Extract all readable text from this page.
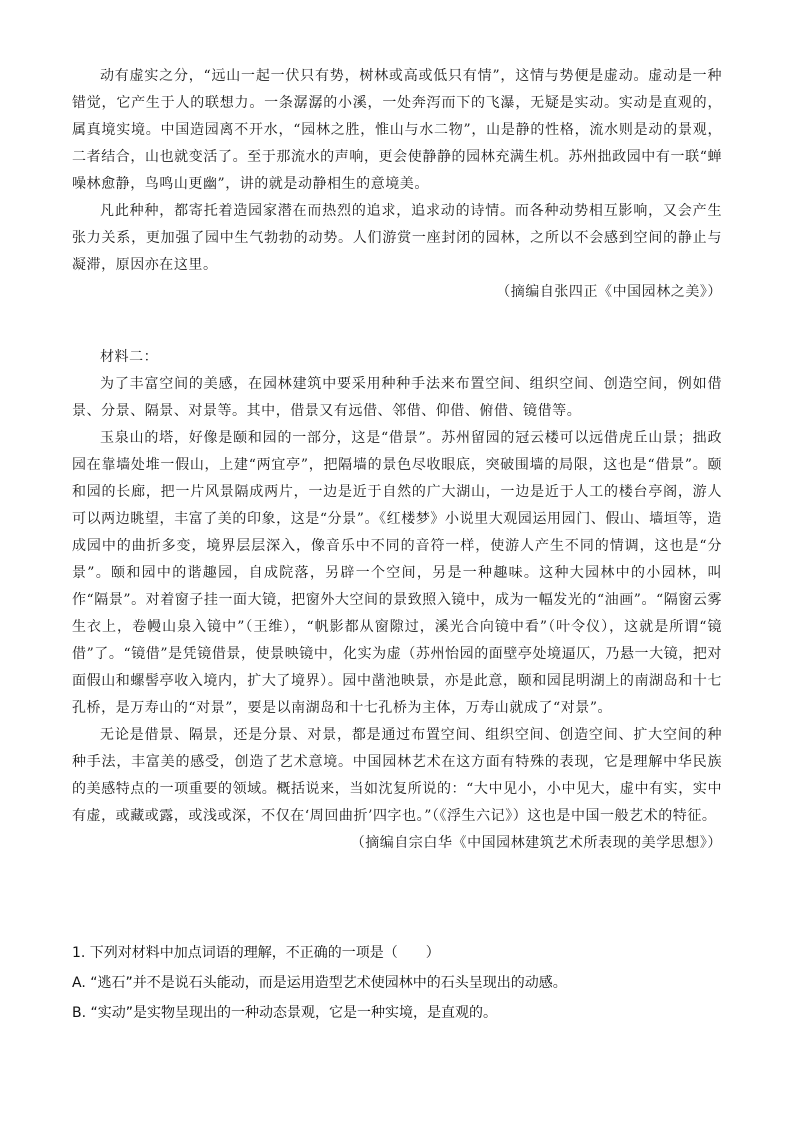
动有虚实之分，“远山一起一伏只有势，树林或高或低只有情”，这情与势便是虚动。虚动是一种错觉，它产生于人的联想力。一条潺潺的小溪，一处奔泻而下的飞瀑，无疑是实动。实动是直观的，属真境实境。中国造园离不开水，“园林之胜，惟山与水二物”，山是静的性格，流水则是动的景观，二者结合，山也就变活了。至于那流水的声响，更会使静静的园林充满生机。苏州拙政园中有一联“蝉噪林愈静，鸟鸣山更幽”，讲的就是动静相生的意境美。

凡此种种，都寄托着造园家潜在而热烈的追求，追求动的诗情。而各种动势相互影响，又会产生张力关系，更加强了园中生气勃勃的动势。人们游赏一座封闭的园林，之所以不会感到空间的静止与凝滞，原因亦在这里。

（摘编自张四正《中国园林之美》）

材料二：

为了丰富空间的美感，在园林建筑中要采用种种手法来布置空间、组织空间、创造空间，例如借景、分景、隔景、对景等。其中，借景又有远借、邻借、仰借、俯借、镜借等。

玉泉山的塔，好像是颐和园的一部分，这是“借景”。苏州留园的冠云楼可以远借虎丘山景；拙政园在靠墙处堆一假山，上建“两宜亭”，把隔墙的景色尽收眼底，突破围墙的局限，这也是“借景”。颐和园的长廊，把一片风景隔成两片，一边是近于自然的广大湖山，一边是近于人工的楼台亭阁，游人可以两边眺望，丰富了美的印象，这是“分景”。《红楼梦》小说里大观园运用园门、假山、墙垣等，造成园中的曲折多变，境界层层深入，像音乐中不同的音符一样，使游人产生不同的情调，这也是“分景”。颐和园中的谐趣园，自成院落，另辟一个空间，另是一种趣味。这种大园林中的小园林，叫作“隔景”。对着窗子挂一面大镜，把窗外大空间的景致照入镜中，成为一幅发光的“油画”。“隔窗云雾生衣上，卷幔山泉入镜中”（王维），“帆影都从窗隙过，溪光合向镜中看”（叶令仪），这就是所谓“镜借”了。“镜借”是凭镜借景，使景映镜中，化实为虚（苏州怡园的面壁亭处境逼仄，乃悬一大镜，把对面假山和螺髻亭收入境内，扩大了境界）。园中凿池映景，亦是此意，颐和园昆明湖上的南湖岛和十七孔桥，是万寿山的“对景”，要是以南湖岛和十七孔桥为主体，万寿山就成了“对景”。

无论是借景、隔景，还是分景、对景，都是通过布置空间、组织空间、创造空间、扩大空间的种种手法，丰富美的感受，创造了艺术意境。中国园林艺术在这方面有特殊的表现，它是理解中华民族的美感特点的一项重要的领域。概括说来，当如沈复所说的：“大中见小，小中见大，虚中有实，实中有虚，或藏或露，或浅或深，不仅在‘周回曲折’四字也。”（《浮生六记》）这也是中国一般艺术的特征。

（摘编自宗白华《中国园林建筑艺术所表现的美学思想》）

1. 下列对材料中加点词语的理解，不正确的一项是（　　）

A. “逃石”并不是说石头能动，而是运用造型艺术使园林中的石头呈现出的动感。

B. “实动”是实物呈现出的一种动态景观，它是一种实境，是直观的。
